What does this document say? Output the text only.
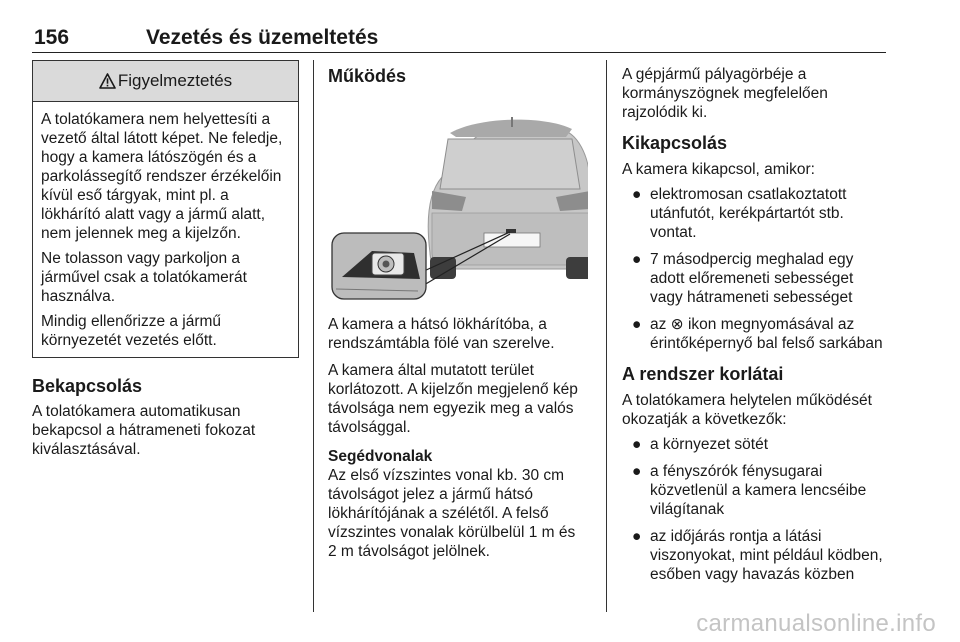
156	Vezetés és üzemeltetés
Figyelmeztetés

A tolatókamera nem helyettesíti a vezető által látott képet. Ne feledje, hogy a kamera látószögén és a parkolássegítő rendszer érzékelőin kívül eső tárgyak, mint pl. a lökhárító alatt vagy a jármű alatt, nem jelennek meg a kijelzőn.

Ne tolasson vagy parkoljon a járművel csak a tolatókamerát használva.

Mindig ellenőrizze a jármű környezetét vezetés előtt.

Bekapcsolás

A tolatókamera automatikusan bekapcsol a hátrameneti fokozat kiválasztásával.

Működés

A kamera a hátsó lökhárítóba, a rendszámtábla fölé van szerelve.

A kamera által mutatott terület korlátozott. A kijelzőn megjelenő kép távolsága nem egyezik meg a valós távolsággal.

Segédvonalak

Az első vízszintes vonal kb. 30 cm távolságot jelez a jármű hátsó lökhárítójának a szélétől. A felső vízszintes vonalak körülbelül 1 m és 2 m távolságot jelölnek.

A gépjármű pályagörbéje a kormányszögnek megfelelően rajzolódik ki.

Kikapcsolás

A kamera kikapcsol, amikor:

● elektromosan csatlakoztatott utánfutót, kerékpártartót stb. vontat.
● 7 másodpercig meghalad egy adott előremeneti sebességet vagy hátrameneti sebességet
● az ⊗ ikon megnyomásával az érintőképernyő bal felső sarkában
A rendszer korlátai

A tolatókamera helytelen működését okozatják a következők:

● a környezet sötét
● a fényszórók fénysugarai közvetlenül a kamera lencséibe világítanak
● az időjárás rontja a látási viszonyokat, mint például ködben, esőben vagy havazás közben
carmanualsonline.info
